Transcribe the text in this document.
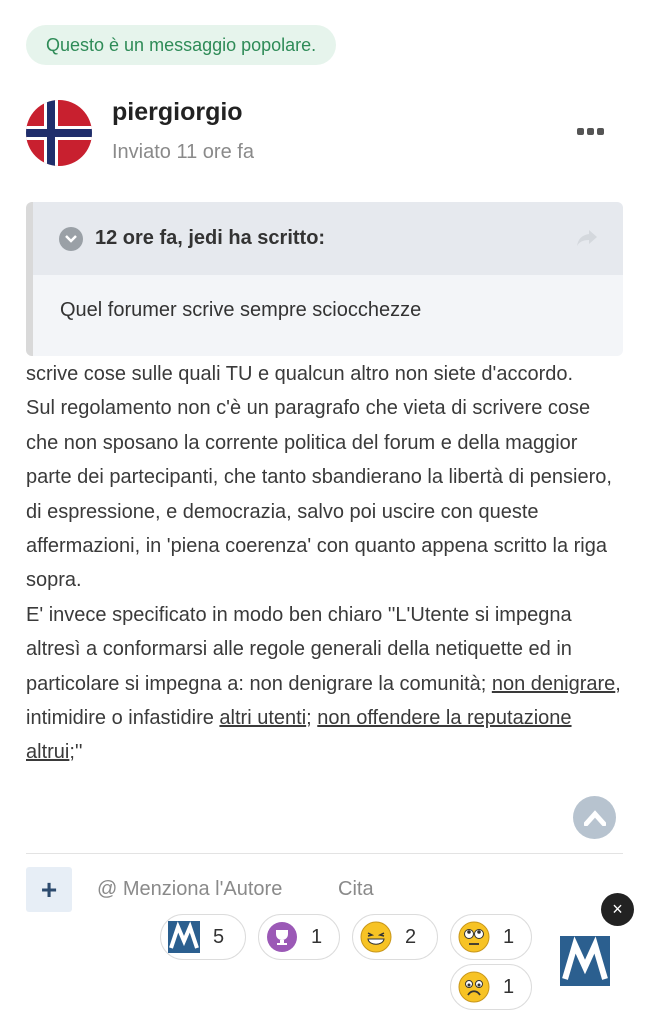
Questo è un messaggio popolare.
piergiorgio
Inviato 11 ore fa
12 ore fa, jedi ha scritto:
Quel forumer scrive sempre sciocchezze
scrive cose sulle quali TU e qualcun altro non siete d'accordo.
Sul regolamento non c'è un paragrafo che vieta di scrivere cose che non sposano la corrente politica del forum e della maggior parte dei partecipanti, che tanto sbandierano la libertà di pensiero, di espressione, e democrazia, salvo poi uscire con queste affermazioni, in 'piena coerenza' con quanto appena scritto la riga sopra.
E' invece specificato in modo ben chiaro ''L'Utente si impegna altresì a conformarsi alle regole generali della netiquette ed in particolare si impegna a: non denigrare la comunità; non denigrare, intimidire o infastidire altri utenti; non offendere la reputazione altrui;''
+	@ Menziona l'Autore	Cita
5	1	2	1
1
×
